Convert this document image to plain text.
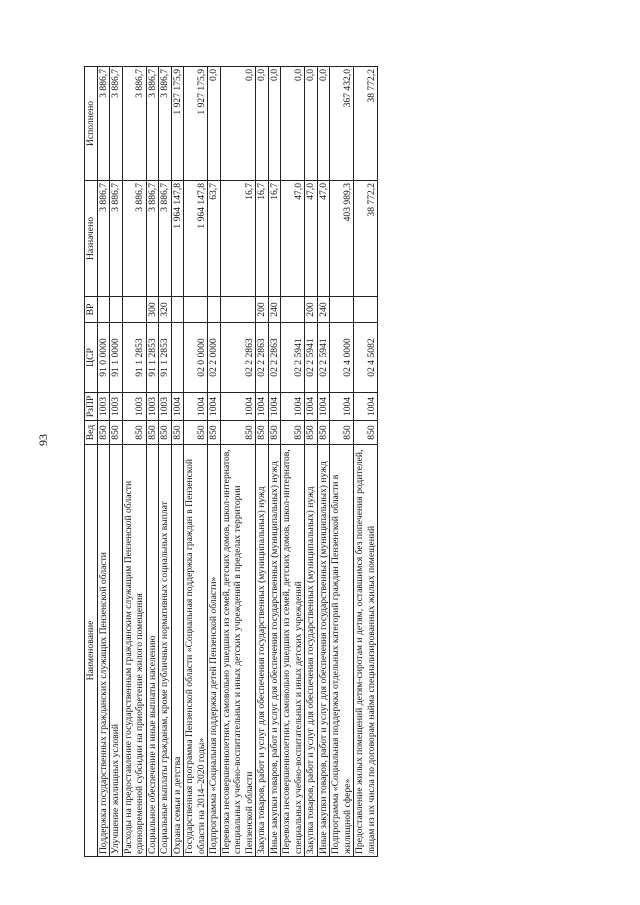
93
Наименование	Вед	РзПР	ЦСР	ВР	Назначено	Исполнено
Поддержка государственных гражданских служащих Пензенской области	850	1003	91 0 0000		3 886,7	3 886,7
Улучшение жилищных условий	850	1003	91 1 0000		3 886,7	3 886,7
Расходы на предоставление государственным гражданским служащим Пензенской области единовременной субсидии на приобретение жилого помещения	850	1003	91 1 2853		3 886,7	3 886,7
Социальное обеспечение и иные выплаты населению	850	1003	91 1 2853	300	3 886,7	3 886,7
Социальные выплаты гражданам, кроме публичных нормативных социальных выплат	850	1003	91 1 2853	320	3 886,7	3 886,7
Охрана семьи и детства	850	1004			1 964 147,8	1 927 175,9
Государственная программа Пензенской области «Социальная поддержка граждан в Пензенской области на 2014–2020 годы»	850	1004	02 0 0000		1 964 147,8	1 927 175,9
Подпрограмма «Социальная поддержка детей Пензенской области»	850	1004	02 2 0000		63,7	0,0
Перевозка несовершеннолетних, самовольно ушедших из семей, детских домов, школ-интернатов, специальных учебно-воспитательных и иных детских учреждений в пределах территории Пензенской области	850	1004	02 2 2863		16,7	0,0
Закупка товаров, работ и услуг для обеспечения государственных (муниципальных) нужд	850	1004	02 2 2863	200	16,7	0,0
Иные закупки товаров, работ и услуг для обеспечения государственных (муниципальных) нужд	850	1004	02 2 2863	240	16,7	0,0
Перевозка несовершеннолетних, самовольно ушедших из семей, детских домов, школ-интернатов, специальных учебно-воспитательных и иных детских учреждений	850	1004	02 2 5941		47,0	0,0
Закупка товаров, работ и услуг для обеспечения государственных (муниципальных) нужд	850	1004	02 2 5941	200	47,0	0,0
Иные закупки товаров, работ и услуг для обеспечения государственных (муниципальных) нужд	850	1004	02 2 5941	240	47,0	0,0
Подпрограмма «Социальная поддержка отдельных категорий граждан Пензенской области в жилищной сфере»	850	1004	02 4 0000		403 989,3	367 432,0
Предоставление жилых помещений детям-сиротам и детям, оставшимся без попечения родителей, лицам из их числа по договорам найма специализированных жилых помещений	850	1004	02 4 5082		38 772,2	38 772,2
